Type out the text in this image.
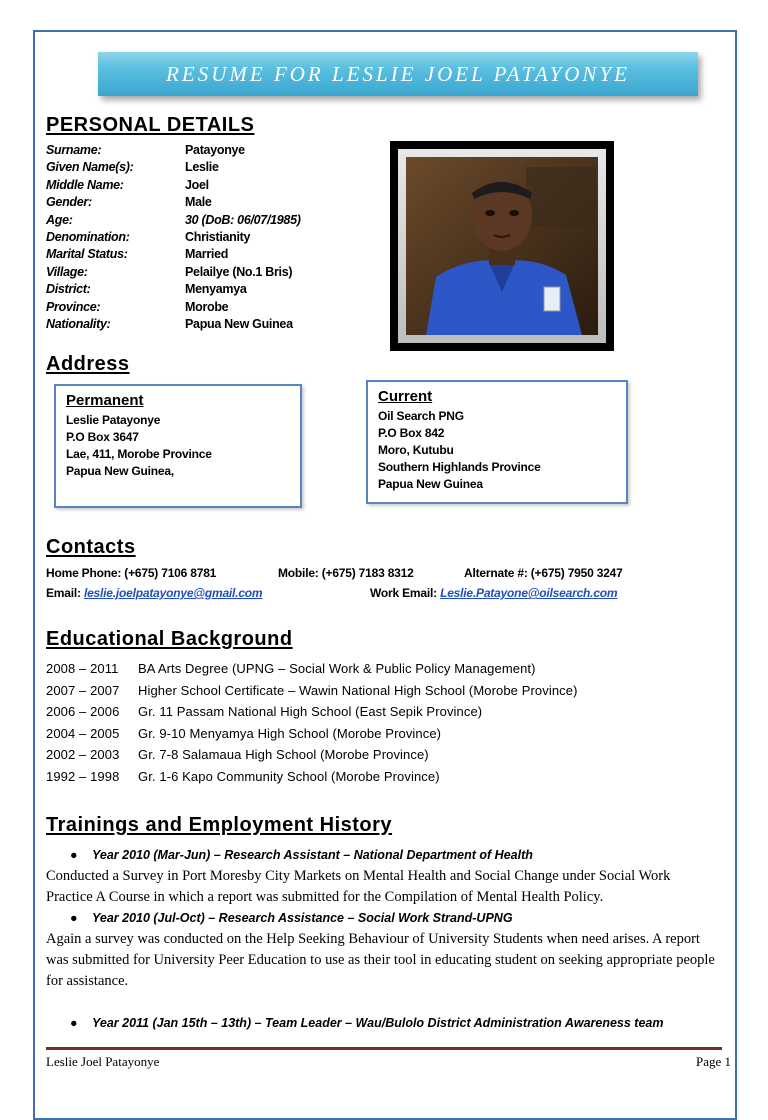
RESUME FOR LESLIE JOEL PATAYONYE
PERSONAL DETAILS
Surname:	Patayonye
Given Name(s):	Leslie
Middle Name:	Joel
Gender:	Male
Age:	30 (DoB: 06/07/1985)
Denomination:	Christianity
Marital Status:	Married
Village:	Pelailye (No.1 Bris)
District:	Menyamya
Province:	Morobe
Nationality:	Papua New Guinea
Address
Permanent
Leslie Patayonye
P.O Box 3647
Lae, 411, Morobe Province
Papua New Guinea,
Current
Oil Search PNG
P.O Box 842
Moro, Kutubu
Southern Highlands Province
Papua New Guinea
Contacts
Home Phone: (+675) 7106 8781	Mobile: (+675) 7183 8312	Alternate #: (+675) 7950 3247
Email: leslie.joelpatayonye@gmail.com	Work Email: Leslie.Patayone@oilsearch.com
Educational Background
2008 – 2011	BA Arts Degree (UPNG – Social Work & Public Policy Management)
2007 – 2007	Higher School Certificate – Wawin National High School (Morobe Province)
2006 – 2006	Gr. 11 Passam National High School (East Sepik Province)
2004 – 2005	Gr. 9-10 Menyamya High School (Morobe Province)
2002 – 2003	Gr. 7-8 Salamaua High School (Morobe Province)
1992 – 1998	Gr. 1-6 Kapo Community School (Morobe Province)
Trainings and Employment History
●	Year 2010 (Mar-Jun) – Research Assistant – National Department of Health
Conducted a Survey in Port Moresby City Markets on Mental Health and Social Change under Social Work Practice A Course in which a report was submitted for the Compilation of Mental Health Policy.
●	Year 2010 (Jul-Oct) – Research Assistance – Social Work Strand-UPNG
Again a survey was conducted on the Help Seeking Behaviour of University Students when need arises. A report was submitted for University Peer Education to use as their tool in educating student on seeking appropriate people for assistance.
●	Year 2011 (Jan 15th – 13th) – Team Leader – Wau/Bulolo District Administration Awareness team
Leslie Joel Patayonye	Page 1
